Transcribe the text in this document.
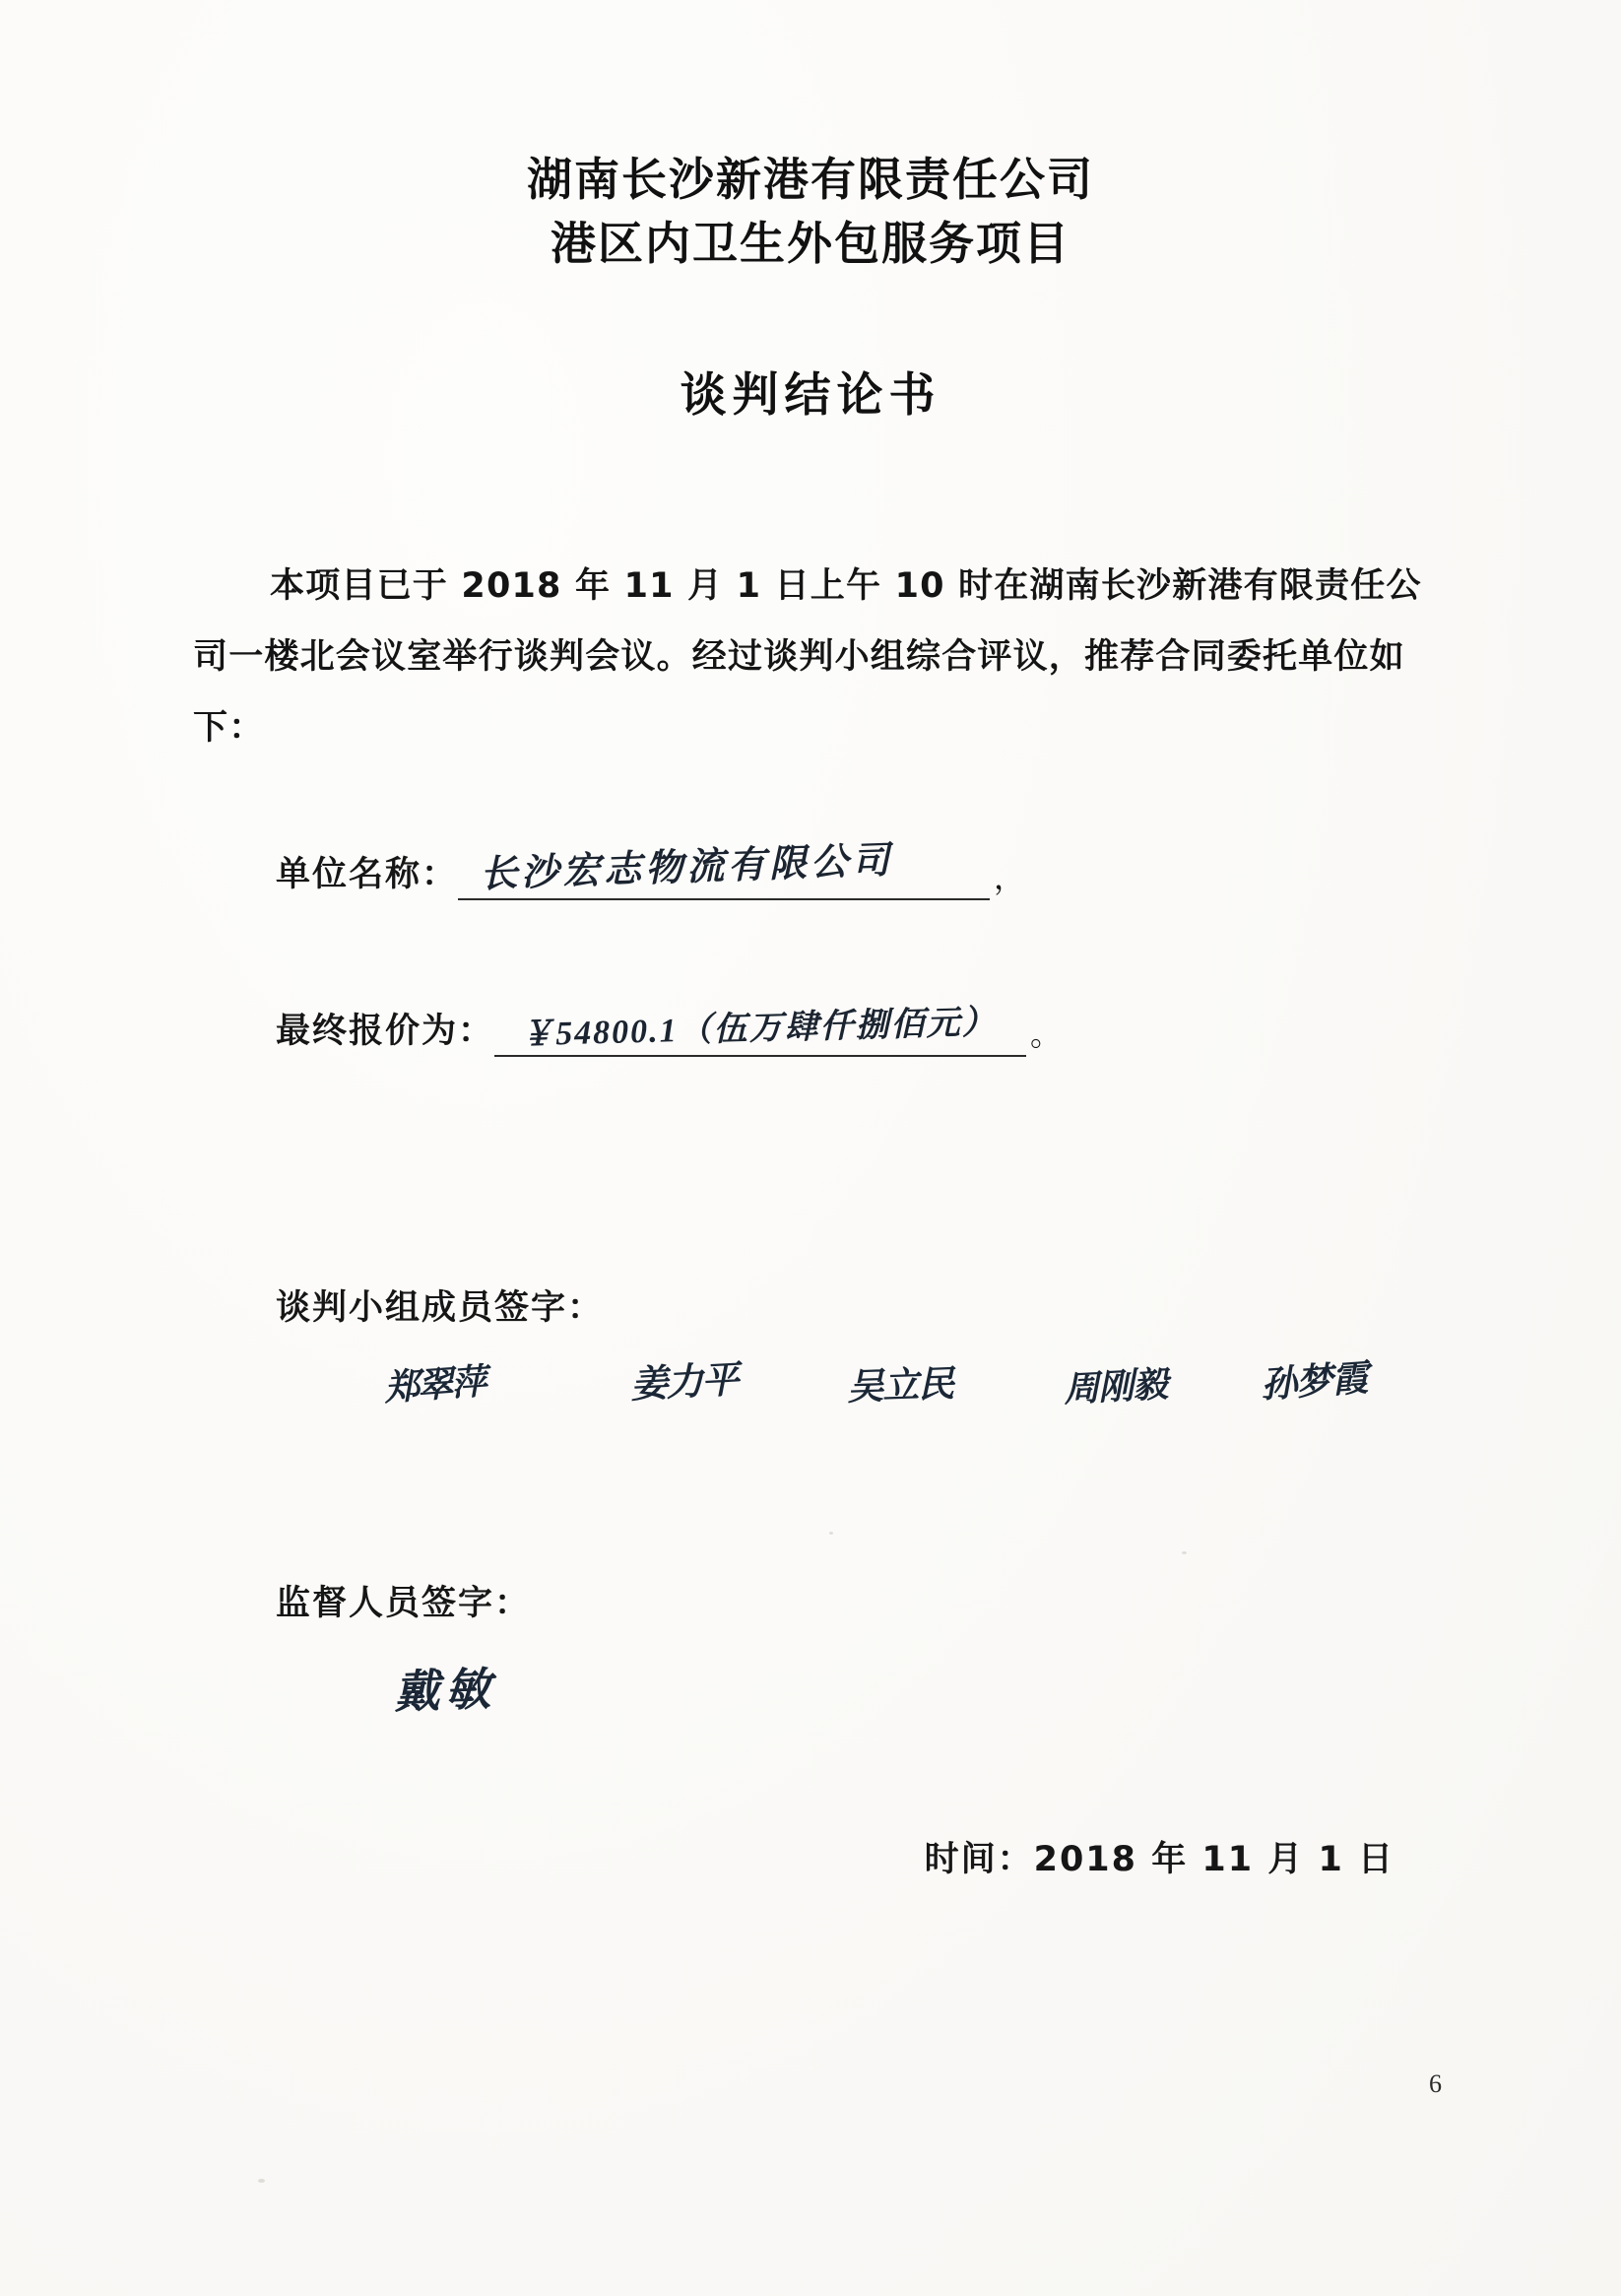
湖南长沙新港有限责任公司
港区内卫生外包服务项目
谈判结论书
本项目已于 2018 年 11 月 1 日上午 10 时在湖南长沙新港有限责任公司一楼北会议室举行谈判会议。经过谈判小组综合评议，推荐合同委托单位如下：
单位名称： 长沙宏志物流有限公司	，
最终报价为： ￥54800.1（伍万肆仟捌佰元） 。
谈判小组成员签字：
郑翠萍	姜力平	吴立民	周刚毅	孙梦霞
监督人员签字：
戴敏
时间：2018 年 11 月 1 日
6
